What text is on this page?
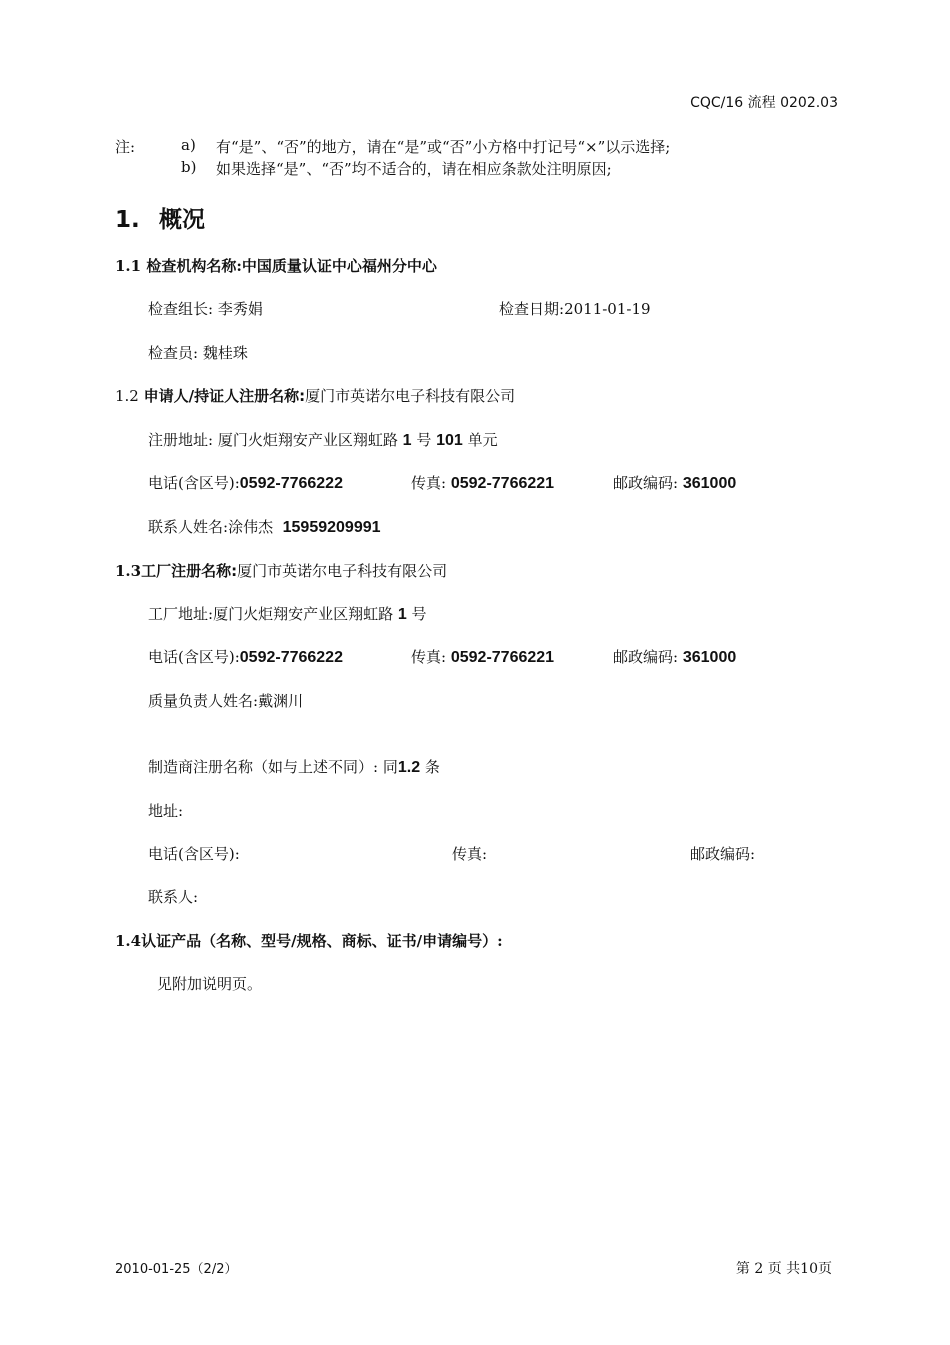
CQC/16 流程 0202.03
注:	a) 有“是”、“否”的地方，请在“是”或“否”小方格中打记号“×”以示选择;
b) 如果选择“是”、“否”均不适合的，请在相应条款处注明原因;
1. 概况
1.1 检查机构名称:中国质量认证中心福州分中心
检查组长: 李秀娟	检查日期:2011-01-19
检查员: 魏桂珠
1.2 申请人/持证人注册名称:厦门市英诺尔电子科技有限公司
注册地址: 厦门火炬翔安产业区翔虹路 1 号 101 单元
电话(含区号):0592-7766222	传真: 0592-7766221	邮政编码: 361000
联系人姓名:涂伟杰 15959209991
1.3工厂注册名称:厦门市英诺尔电子科技有限公司
工厂地址:厦门火炬翔安产业区翔虹路 1 号
电话(含区号):0592-7766222	传真: 0592-7766221	邮政编码: 361000
质量负责人姓名:戴渊川
制造商注册名称（如与上述不同）: 同1.2 条
地址:
电话(含区号):	传真:	邮政编码:
联系人:
1.4认证产品（名称、型号/规格、商标、证书/申请编号）:
见附加说明页。
2010-01-25（2/2）	第 2 页 共10页
